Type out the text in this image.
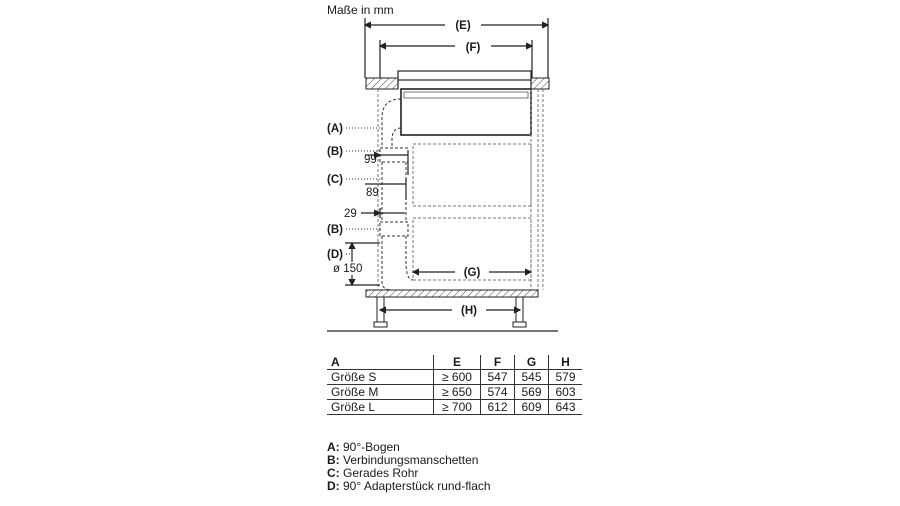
Maße in mm
(E)
(F)
99
89
29
ø 150
(A)
(B)
(C)
(B)
(D)
(G)
(H)
A	E	F	G	H
Größe S	≥ 600	547	545	579
Größe M	≥ 650	574	569	603
Größe L	≥ 700	612	609	643
A: 90°-Bogen
B: Verbindungsmanschetten
C: Gerades Rohr
D: 90° Adapterstück rund-flach
